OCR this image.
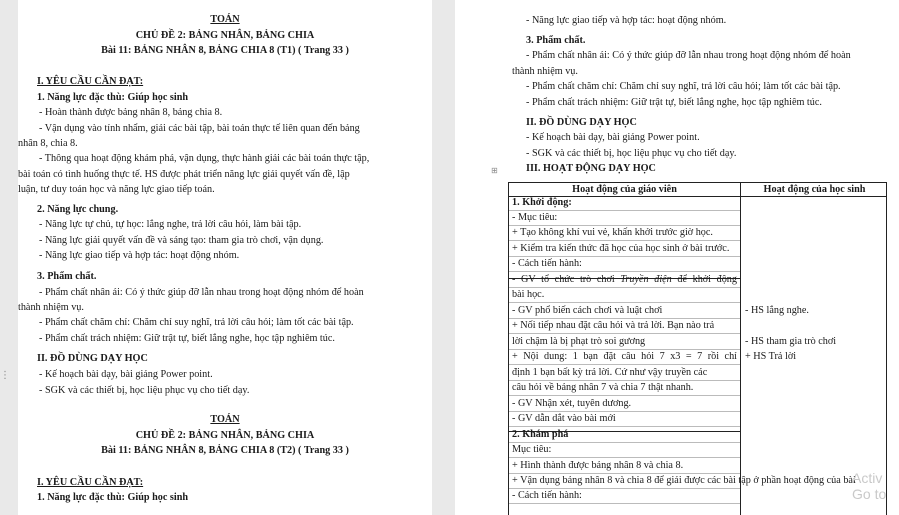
TOÁN
CHỦ ĐỀ 2: BẢNG NHÂN, BẢNG CHIA
Bài 11: BẢNG NHÂN 8, BẢNG CHIA 8 (T1) ( Trang 33 )
I. YÊU CẦU CẦN ĐẠT:
1. Năng lực đặc thù: Giúp học sinh
- Hoàn thành được bảng nhân 8, bảng chia 8.
- Vận dụng vào tính nhẩm, giải các bài tập, bài toán thực tế liên quan đến bảng
nhân 8, chia 8.
- Thông qua hoạt động khám phá, vận dụng, thực hành giải các bài toán thực tập,
bài toán có tình huống thực tế. HS được phát triển năng lực giải quyết vấn đề, lập
luận, tư duy toán học và năng lực giao tiếp toán.
2. Năng lực chung.
- Năng lực tự chủ, tự học: lắng nghe, trả lời câu hỏi, làm bài tập.
- Năng lực giải quyết vấn đề và sáng tạo: tham gia trò chơi, vận dụng.
- Năng lực giao tiếp và hợp tác: hoạt động nhóm.
3. Phẩm chất.
- Phẩm chất nhân ái: Có ý thức giúp đỡ lẫn nhau trong hoạt động nhóm để hoàn
thành nhiệm vụ.
- Phẩm chất chăm chỉ: Chăm chỉ suy nghĩ, trả lời câu hỏi; làm tốt các bài tập.
- Phẩm chất trách nhiệm: Giữ trật tự, biết lắng nghe, học tập nghiêm túc.
II. ĐỒ DÙNG DẠY HỌC
- Kế hoạch bài dạy, bài giảng Power point.
- SGK và các thiết bị, học liệu phục vụ cho tiết dạy.
TOÁN
CHỦ ĐỀ 2: BẢNG NHÂN, BẢNG CHIA
Bài 11: BẢNG NHÂN 8, BẢNG CHIA 8 (T2) ( Trang 33 )
I. YÊU CẦU CẦN ĐẠT:
1. Năng lực đặc thù: Giúp học sinh
⋮
⊞
- Năng lực giao tiếp và hợp tác: hoạt động nhóm.
3. Phẩm chất.
- Phẩm chất nhân ái: Có ý thức giúp đỡ lẫn nhau trong hoạt động nhóm để hoàn
thành nhiệm vụ.
- Phẩm chất chăm chỉ: Chăm chỉ suy nghĩ, trả lời câu hỏi; làm tốt các bài tập.
- Phẩm chất trách nhiệm: Giữ trật tự, biết lắng nghe, học tập nghiêm túc.
II. ĐỒ DÙNG DẠY HỌC
- Kế hoạch bài dạy, bài giảng Power point.
- SGK và các thiết bị, học liệu phục vụ cho tiết dạy.
III. HOẠT ĐỘNG DẠY HỌC
Hoạt động của giáo viên	Hoạt động của học sinh
1. Khởi động:
- Mục tiêu:
+ Tạo không khí vui vẻ, khấn khởi trước giờ học.
+ Kiểm tra kiến thức đã học của học sinh ở bài trước.
- Cách tiến hành:
- GV tổ chức trò chơi Truyền điện để khởi động
bài học.
- GV phổ biến cách chơi và luật chơi
+ Nối tiếp nhau đặt câu hỏi và trả lời. Bạn nào trả
lời chậm là bị phạt trò soi gương
+ Nội dung: 1 bạn đặt câu hỏi 7 x3 = 7 rồi chỉ
định 1 bạn bất kỳ trả lời. Cứ như vậy truyền các
câu hỏi về bảng nhân 7 và chia 7 thật nhanh.
- GV Nhận xét, tuyên dương.
- GV dẫn dắt vào bài mới
2. Khám phá
Mục tiêu:
+ Hình thành được bảng nhân 8 và chia 8.
+ Vận dụng bảng nhân 8 và chia 8 để giải được các bài tập ở phần hoạt động của bài
- Cách tiến hành:
- HS lắng nghe.
- HS tham gia trò chơi
+ HS Trả lời
Activ
Go to
